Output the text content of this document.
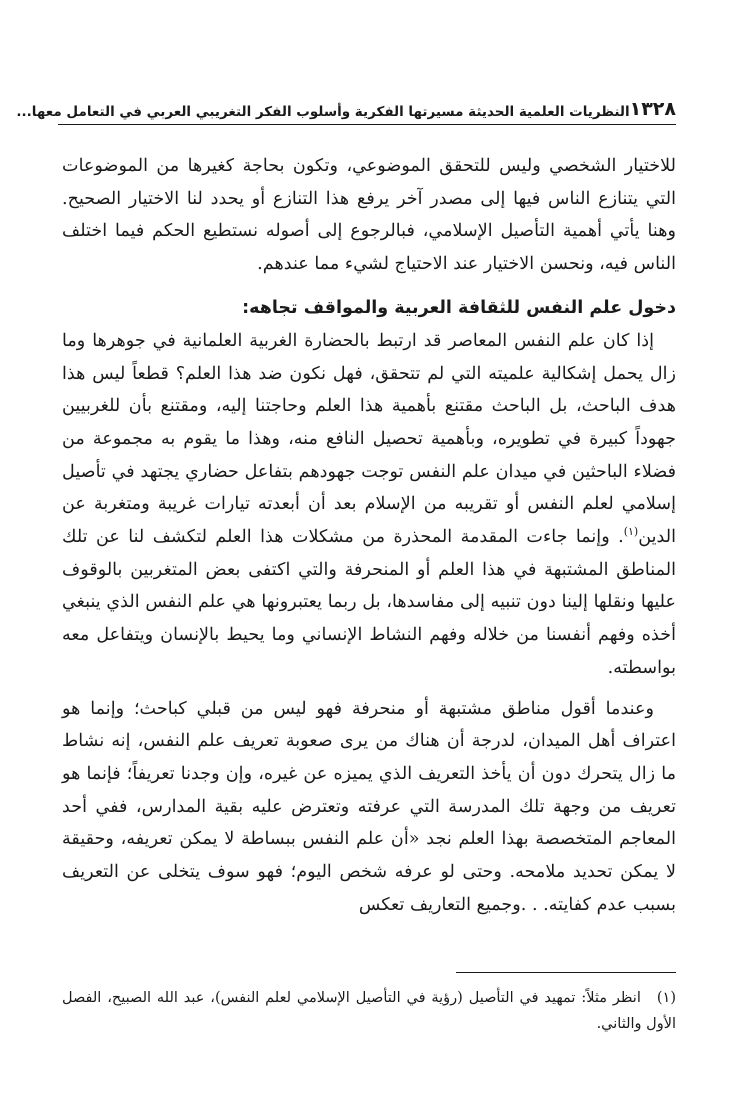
١٣٢٨
النظريات العلمية الحديثة مسيرتها الفكرية وأسلوب الفكر التغريبي العربي في التعامل معها...

للاختيار الشخصي وليس للتحقق الموضوعي، وتكون بحاجة كغيرها من الموضوعات التي يتنازع الناس فيها إلى مصدر آخر يرفع هذا التنازع أو يحدد لنا الاختيار الصحيح. وهنا يأتي أهمية التأصيل الإسلامي، فبالرجوع إلى أصوله نستطيع الحكم فيما اختلف الناس فيه، ونحسن الاختيار عند الاحتياج لشيء مما عندهم.

دخول علم النفس للثقافة العربية والمواقف تجاهه:

إذا كان علم النفس المعاصر قد ارتبط بالحضارة الغربية العلمانية في جوهرها وما زال يحمل إشكالية علميته التي لم تتحقق، فهل نكون ضد هذا العلم؟ قطعاً ليس هذا هدف الباحث، بل الباحث مقتنع بأهمية هذا العلم وحاجتنا إليه، ومقتنع بأن للغربيين جهوداً كبيرة في تطويره، وبأهمية تحصيل النافع منه، وهذا ما يقوم به مجموعة من فضلاء الباحثين في ميدان علم النفس توجت جهودهم بتفاعل حضاري يجتهد في تأصيل إسلامي لعلم النفس أو تقريبه من الإسلام بعد أن أبعدته تيارات غريبة ومتغربة عن الدين$^{(١)}$. وإنما جاءت المقدمة المحذرة من مشكلات هذا العلم لتكشف لنا عن تلك المناطق المشتبهة في هذا العلم أو المنحرفة والتي اكتفى بعض المتغربين بالوقوف عليها ونقلها إلينا دون تنبيه إلى مفاسدها، بل ربما يعتبرونها هي علم النفس الذي ينبغي أخذه وفهم أنفسنا من خلاله وفهم النشاط الإنساني وما يحيط بالإنسان ويتفاعل معه بواسطته.

وعندما أقول مناطق مشتبهة أو منحرفة فهو ليس من قبلي كباحث؛ وإنما هو اعتراف أهل الميدان، لدرجة أن هناك من يرى صعوبة تعريف علم النفس، إنه نشاط ما زال يتحرك دون أن يأخذ التعريف الذي يميزه عن غيره، وإن وجدنا تعريفاً؛ فإنما هو تعريف من وجهة تلك المدرسة التي عرفته وتعترض عليه بقية المدارس، ففي أحد المعاجم المتخصصة بهذا العلم نجد «أن علم النفس ببساطة لا يمكن تعريفه، وحقيقة لا يمكن تحديد ملامحه. وحتى لو عرفه شخص اليوم؛ فهو سوف يتخلى عن التعريف بسبب عدم كفايته. . .وجميع التعاريف تعكس

(١)انظر مثلاً: تمهيد في التأصيل (رؤية في التأصيل الإسلامي لعلم النفس)، عبد الله الصبيح، الفصل الأول والثاني.
